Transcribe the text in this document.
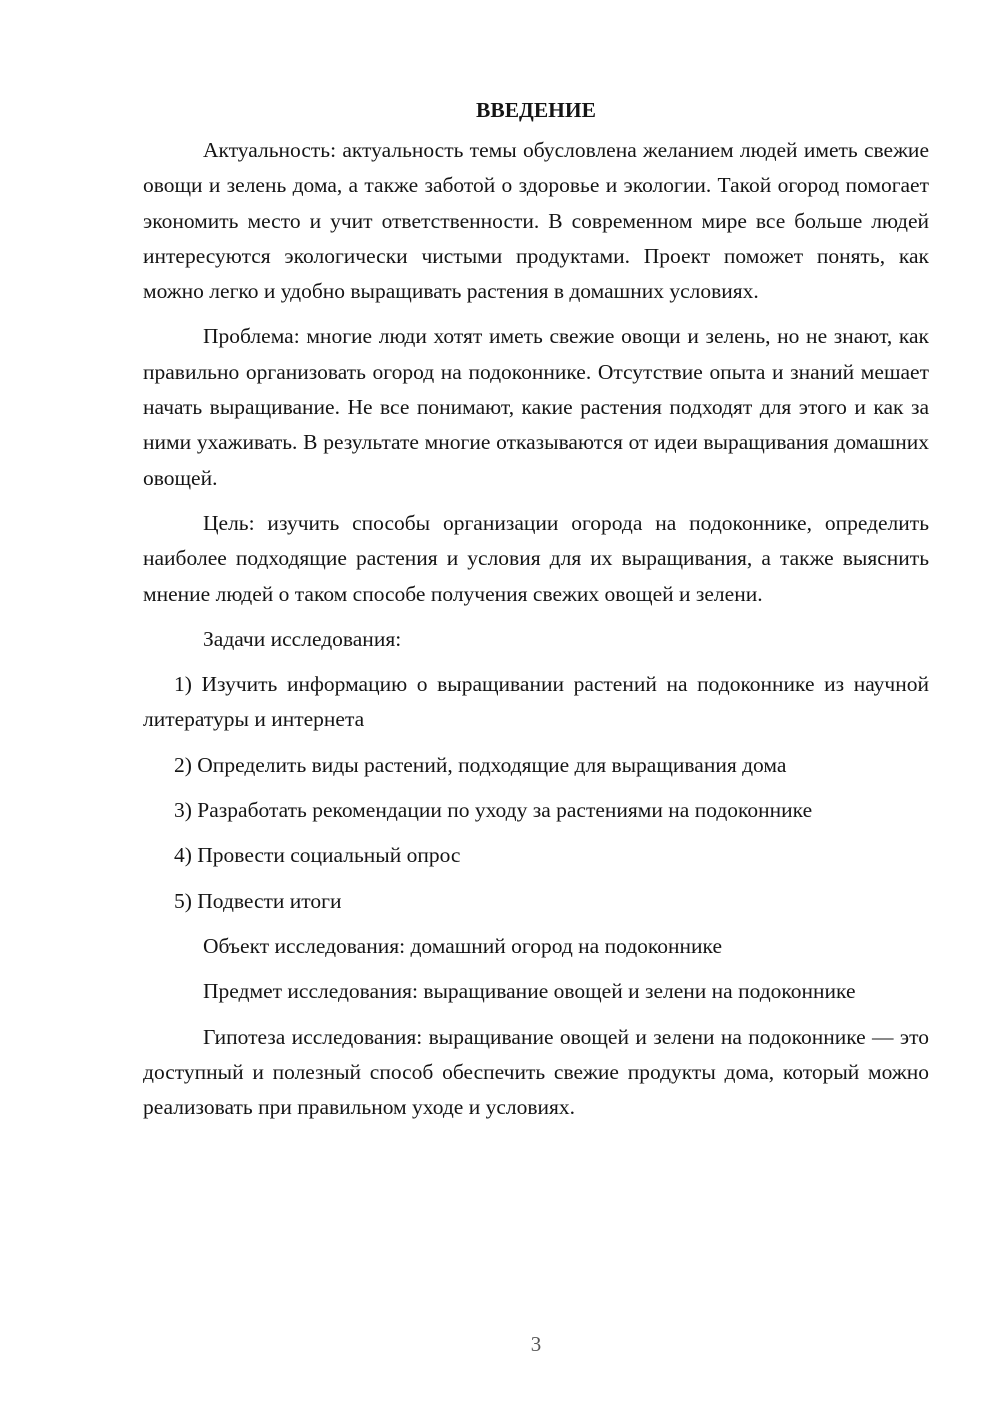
ВВЕДЕНИЕ

Актуальность: актуальность темы обусловлена желанием людей иметь свежие овощи и зелень дома, а также заботой о здоровье и экологии. Такой огород помогает экономить место и учит ответственности. В современном мире все больше людей интересуются экологически чистыми продуктами. Проект поможет понять, как можно легко и удобно выращивать растения в домашних условиях.

Проблема: многие люди хотят иметь свежие овощи и зелень, но не знают, как правильно организовать огород на подоконнике. Отсутствие опыта и знаний мешает начать выращивание. Не все понимают, какие растения подходят для этого и как за ними ухаживать. В результате многие отказываются от идеи выращивания домашних овощей.

Цель: изучить способы организации огорода на подоконнике, определить наиболее подходящие растения и условия для их выращивания, а также выяснить мнение людей о таком способе получения свежих овощей и зелени.

Задачи исследования:

1) Изучить информацию о выращивании растений на подоконнике из научной литературы и интернета
2) Определить виды растений, подходящие для выращивания дома
3) Разработать рекомендации по уходу за растениями на подоконнике
4) Провести социальный опрос
5) Подвести итоги

Объект исследования: домашний огород на подоконнике

Предмет исследования: выращивание овощей и зелени на подоконнике

Гипотеза исследования: выращивание овощей и зелени на подоконнике — это доступный и полезный способ обеспечить свежие продукты дома, который можно реализовать при правильном уходе и условиях.

3
